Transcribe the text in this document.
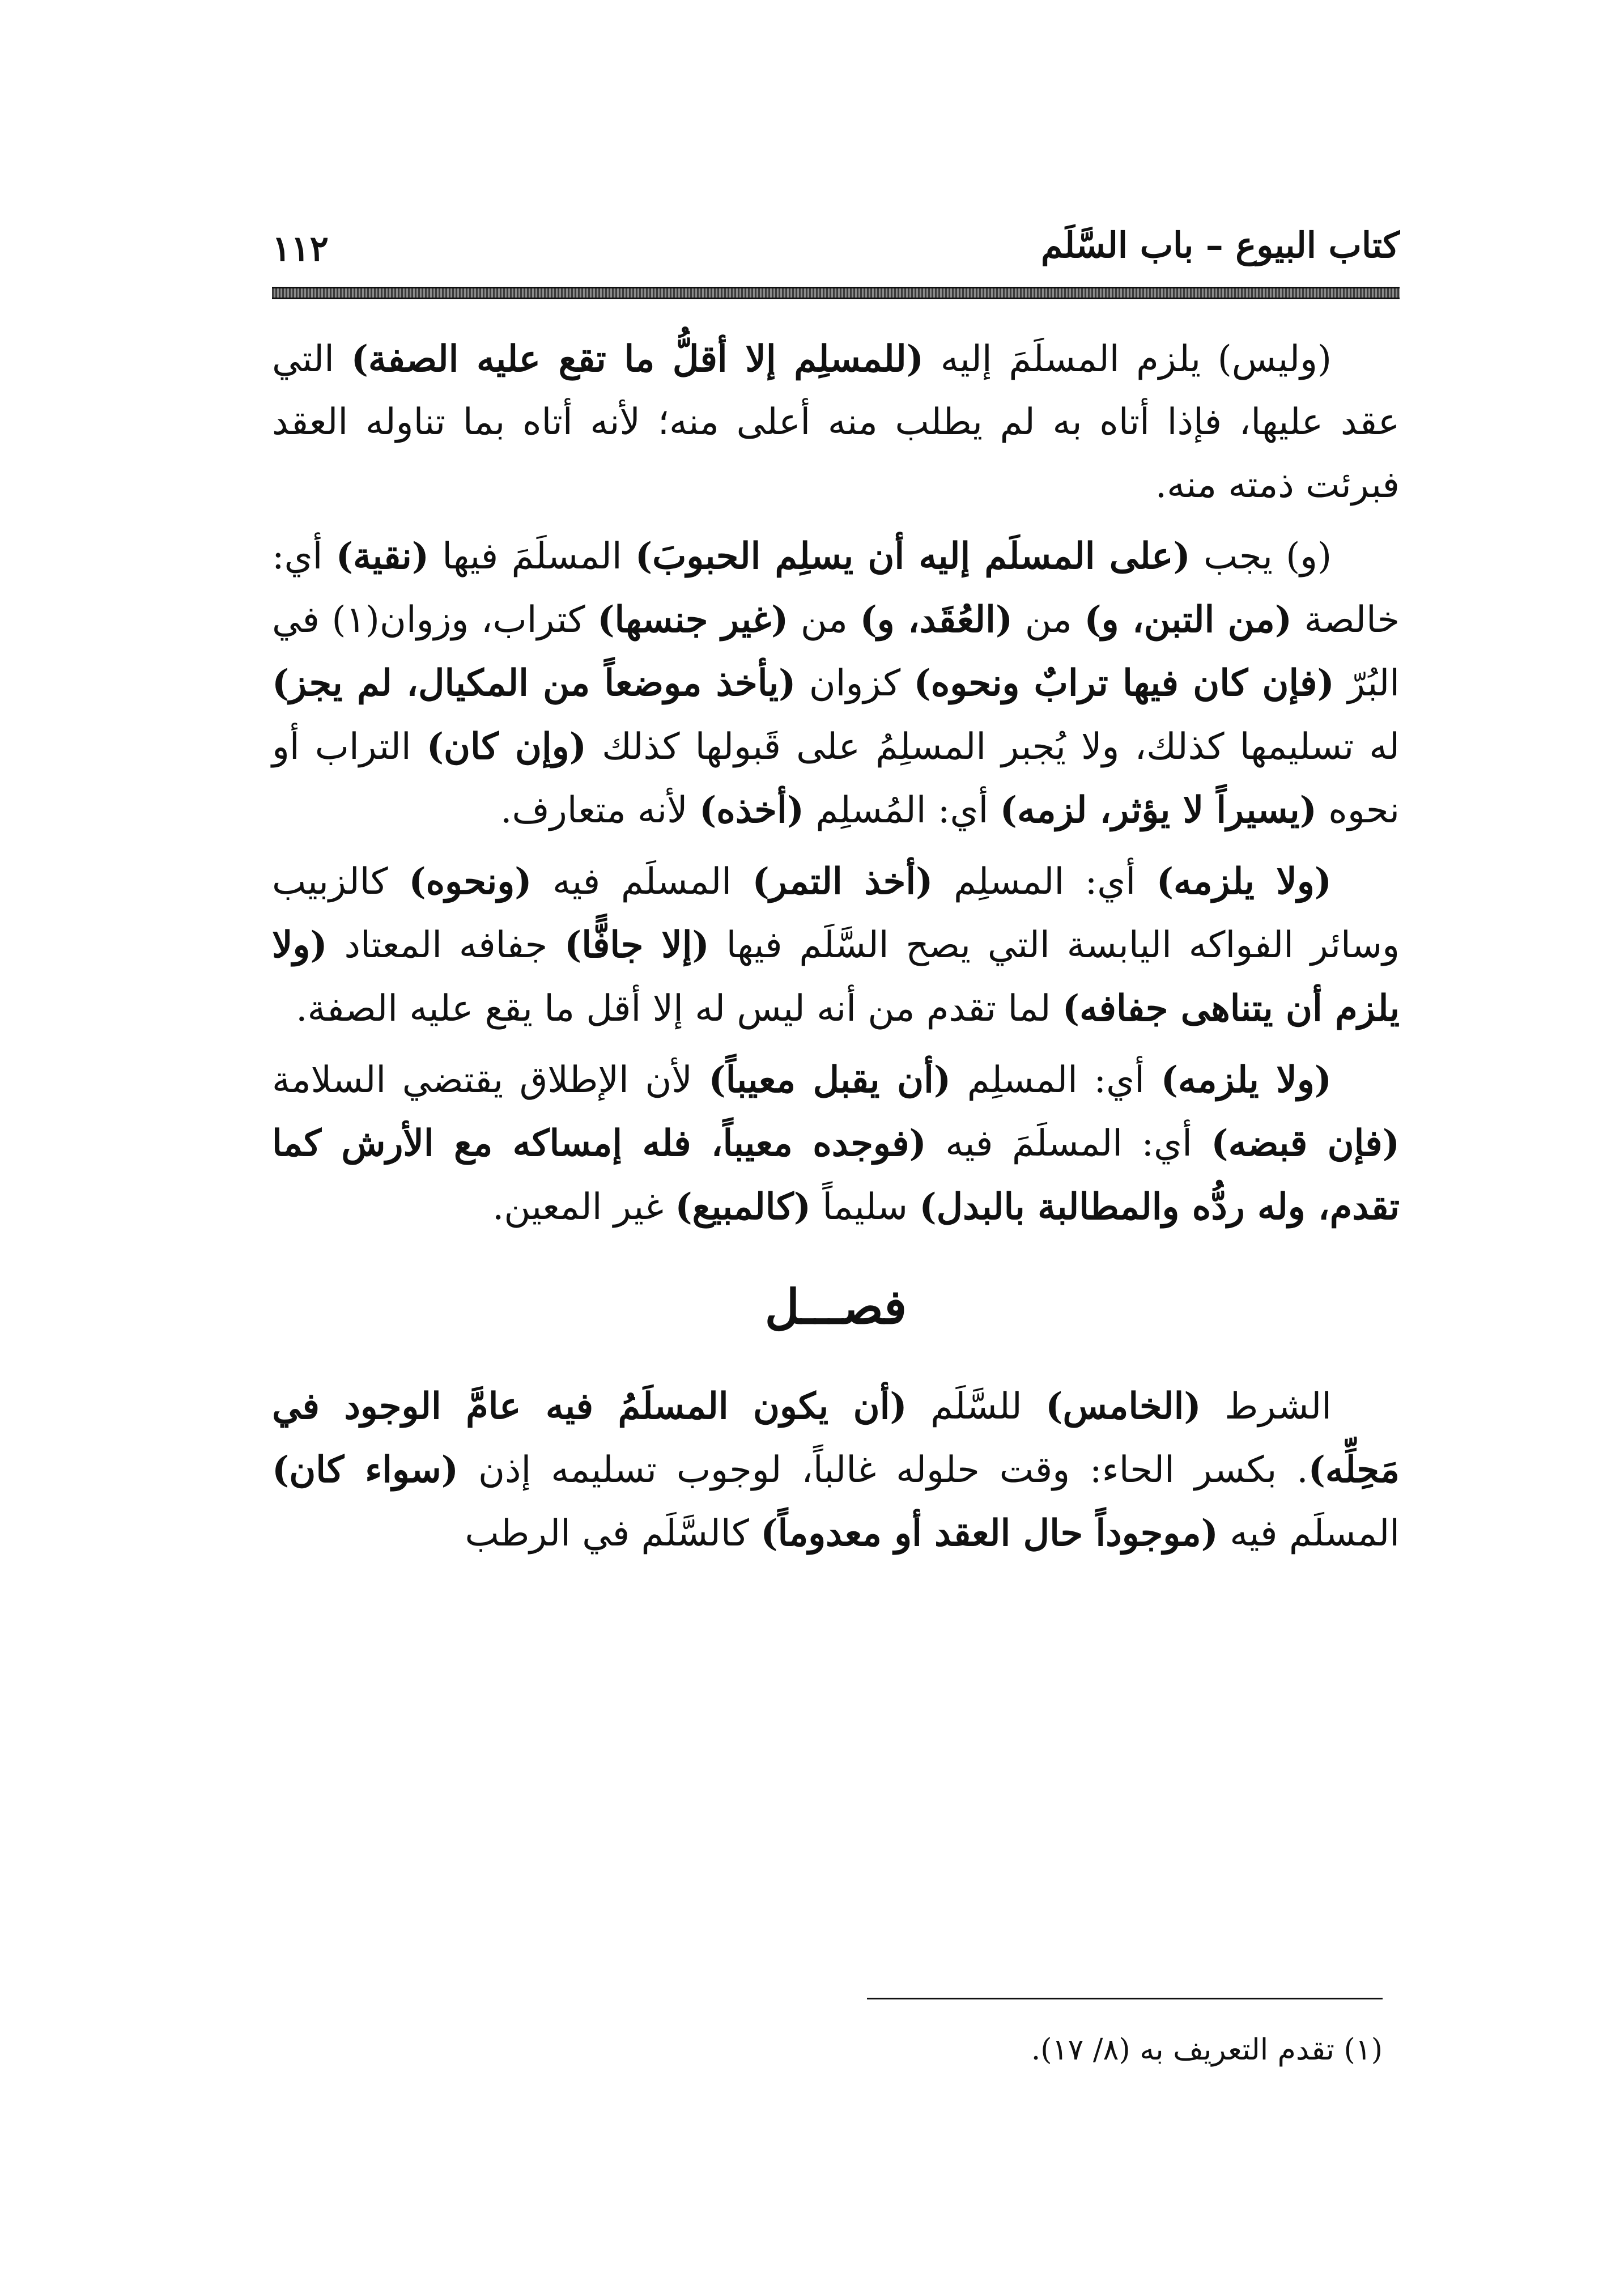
كتاب البيوع – باب السَّلَم
١١٢

(وليس) يلزم المسلَمَ إليه (للمسلِم إلا أقلُّ ما تقع عليه الصفة) التي عقد عليها، فإذا أتاه به لم يطلب منه أعلى منه؛ لأنه أتاه بما تناوله العقد فبرئت ذمته منه.

(و) يجب (على المسلَم إليه أن يسلِم الحبوبَ) المسلَمَ فيها (نقية) أي: خالصة (من التبن، و) من (العُقَد، و) من (غير جنسها) كتراب، وزوان(١) في البُرّ (فإن كان فيها ترابٌ ونحوه) كزوان (يأخذ موضعاً من المكيال، لم يجز) له تسليمها كذلك، ولا يُجبر المسلِمُ على قَبولها كذلك (وإن كان) التراب أو نحوه (يسيراً لا يؤثر، لزمه) أي: المُسلِم (أخذه) لأنه متعارف.

(ولا يلزمه) أي: المسلِم (أخذ التمر) المسلَم فيه (ونحوه) كالزبيب وسائر الفواكه اليابسة التي يصح السَّلَم فيها (إلا جافًّا) جفافه المعتاد (ولا يلزم أن يتناهى جفافه) لما تقدم من أنه ليس له إلا أقل ما يقع عليه الصفة.

(ولا يلزمه) أي: المسلِم (أن يقبل معيباً) لأن الإطلاق يقتضي السلامة (فإن قبضه) أي: المسلَمَ فيه (فوجده معيباً، فله إمساكه مع الأرش كما تقدم، وله ردُّه والمطالبة بالبدل) سليماً (كالمبيع) غير المعين.

فصـــل

الشرط (الخامس) للسَّلَم (أن يكون المسلَمُ فيه عامَّ الوجود في مَحِلِّه). بكسر الحاء: وقت حلوله غالباً، لوجوب تسليمه إذن (سواء كان) المسلَم فيه (موجوداً حال العقد أو معدوماً) كالسَّلَم في الرطب

(١) تقدم التعريف به (٨/ ١٧).
